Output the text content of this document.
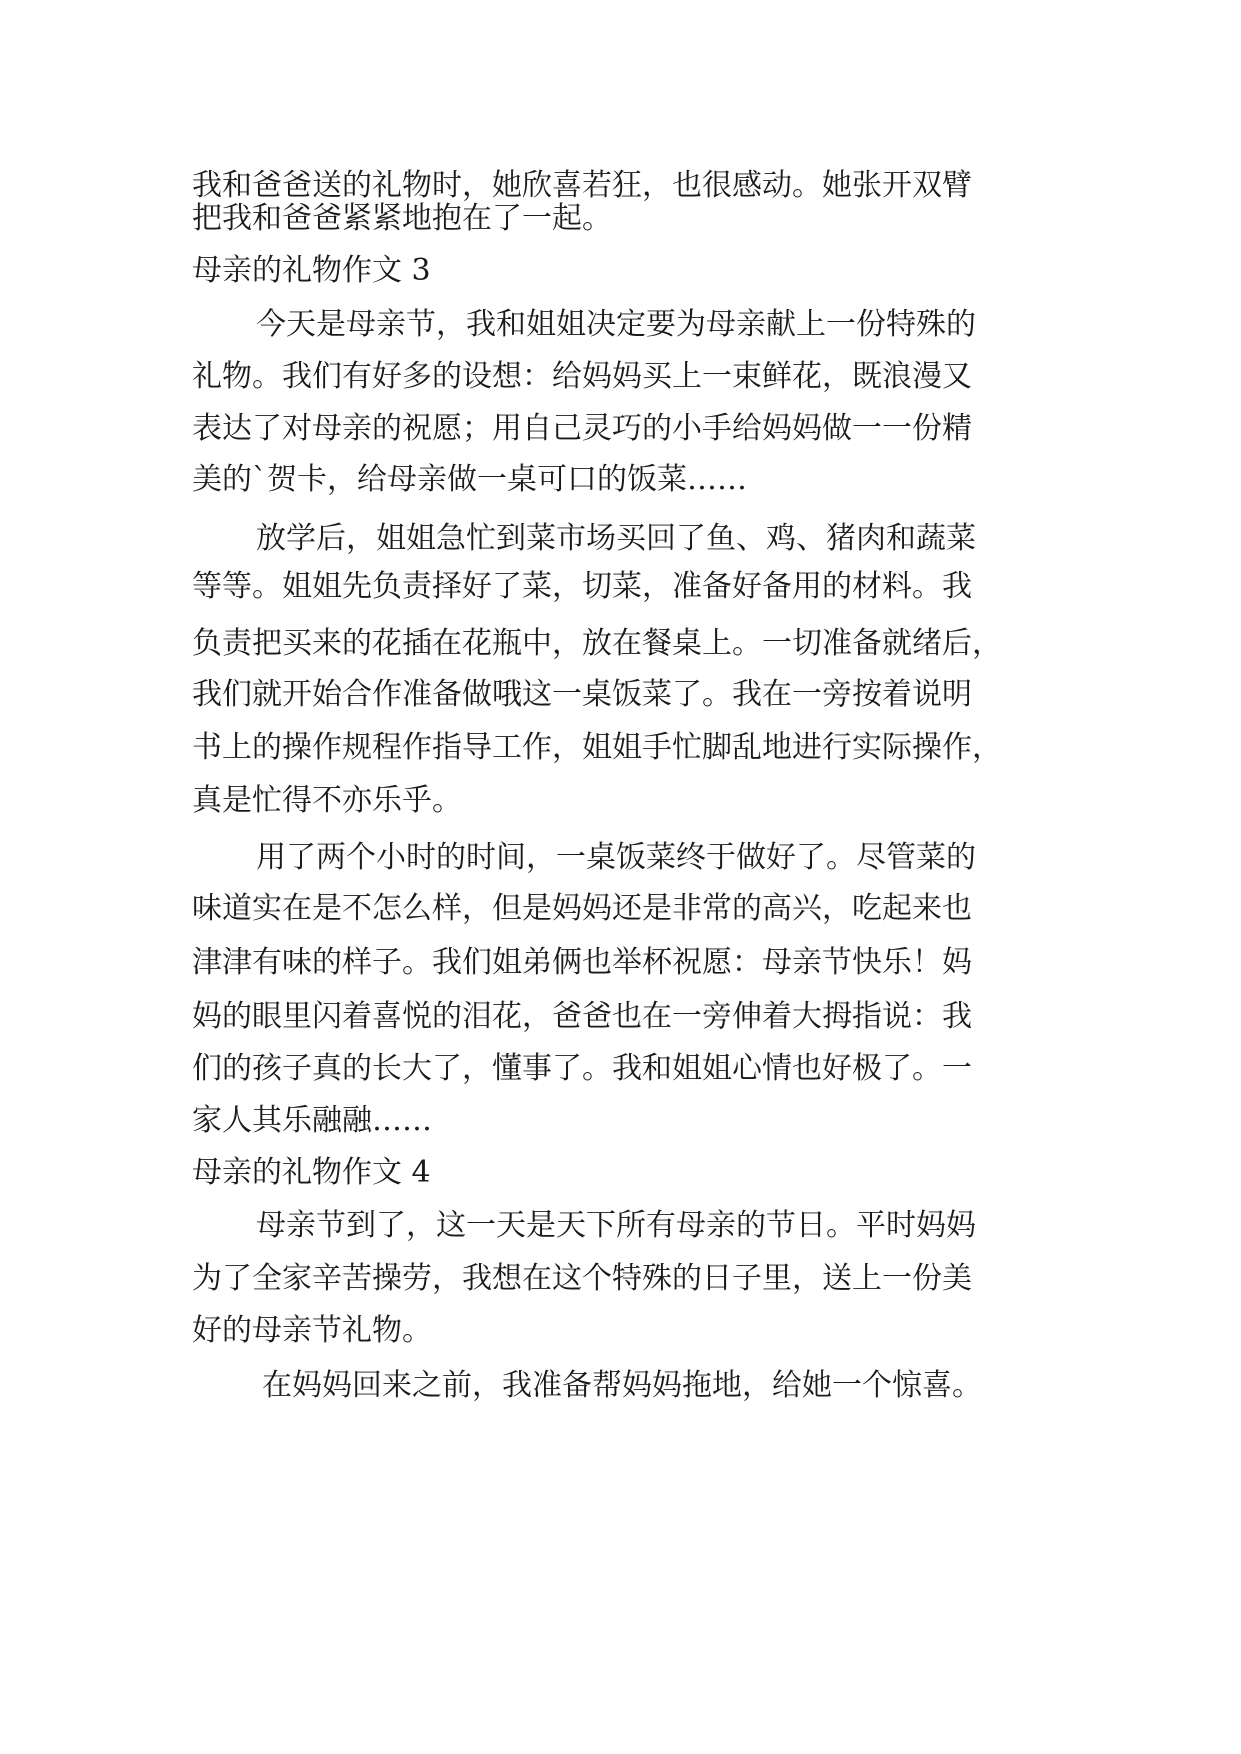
我和爸爸送的礼物时，她欣喜若狂，也很感动。她张开双臂

把我和爸爸紧紧地抱在了一起。

母亲的礼物作文 3

今天是母亲节，我和姐姐决定要为母亲献上一份特殊的

礼物。我们有好多的设想：给妈妈买上一束鲜花，既浪漫又

表达了对母亲的祝愿；用自己灵巧的小手给妈妈做一一份精

美的`贺卡，给母亲做一桌可口的饭菜……

放学后，姐姐急忙到菜市场买回了鱼、鸡、猪肉和蔬菜

等等。姐姐先负责择好了菜，切菜，准备好备用的材料。我

负责把买来的花插在花瓶中，放在餐桌上。一切准备就绪后，

我们就开始合作准备做哦这一桌饭菜了。我在一旁按着说明

书上的操作规程作指导工作，姐姐手忙脚乱地进行实际操作，

真是忙得不亦乐乎。

用了两个小时的时间，一桌饭菜终于做好了。尽管菜的

味道实在是不怎么样，但是妈妈还是非常的高兴，吃起来也

津津有味的样子。我们姐弟俩也举杯祝愿：母亲节快乐！妈

妈的眼里闪着喜悦的泪花，爸爸也在一旁伸着大拇指说：我

们的孩子真的长大了，懂事了。我和姐姐心情也好极了。一

家人其乐融融……

母亲的礼物作文 4

母亲节到了，这一天是天下所有母亲的节日。平时妈妈

为了全家辛苦操劳，我想在这个特殊的日子里，送上一份美

好的母亲节礼物。

在妈妈回来之前，我准备帮妈妈拖地，给她一个惊喜。
